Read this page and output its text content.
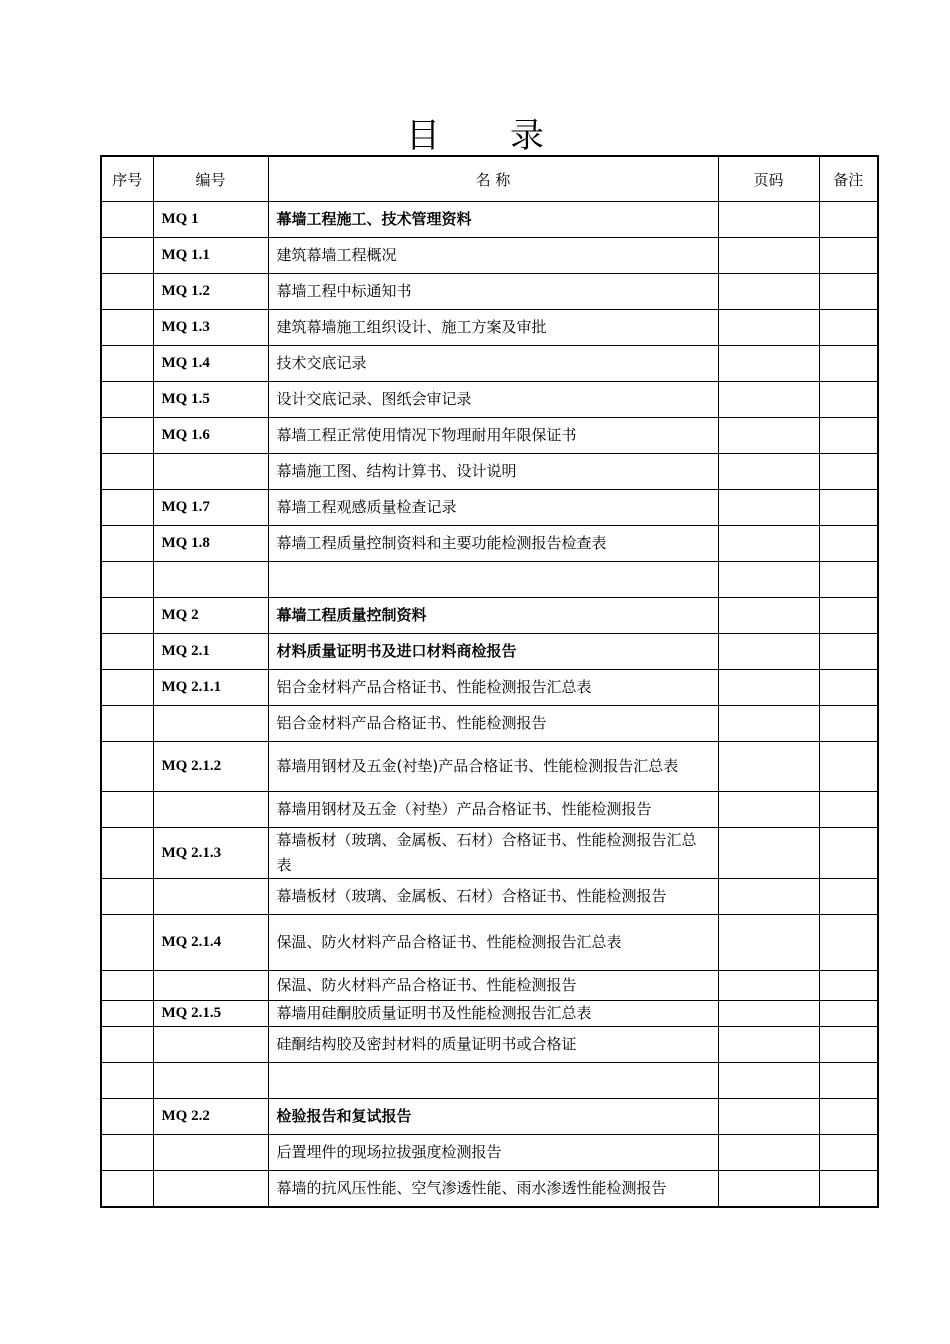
目 录
序号	编号	名 称	页码	备注
	MQ 1	幕墙工程施工、技术管理资料		
	MQ 1.1	建筑幕墙工程概况		
	MQ 1.2	幕墙工程中标通知书		
	MQ 1.3	建筑幕墙施工组织设计、施工方案及审批		
	MQ 1.4	技术交底记录		
	MQ 1.5	设计交底记录、图纸会审记录		
	MQ 1.6	幕墙工程正常使用情况下物理耐用年限保证书		
		幕墙施工图、结构计算书、设计说明		
	MQ 1.7	幕墙工程观感质量检查记录		
	MQ 1.8	幕墙工程质量控制资料和主要功能检测报告检查表		

	MQ 2	幕墙工程质量控制资料		
	MQ 2.1	材料质量证明书及进口材料商检报告		
	MQ 2.1.1	铝合金材料产品合格证书、性能检测报告汇总表		
		铝合金材料产品合格证书、性能检测报告		
	MQ 2.1.2	幕墙用钢材及五金(衬垫)产品合格证书、性能检测报告汇总表		
		幕墙用钢材及五金（衬垫）产品合格证书、性能检测报告		
	MQ 2.1.3	幕墙板材（玻璃、金属板、石材）合格证书、性能检测报告汇总表		
		幕墙板材（玻璃、金属板、石材）合格证书、性能检测报告		
	MQ 2.1.4	保温、防火材料产品合格证书、性能检测报告汇总表		
		保温、防火材料产品合格证书、性能检测报告		
	MQ 2.1.5	幕墙用硅酮胶质量证明书及性能检测报告汇总表		
		硅酮结构胶及密封材料的质量证明书或合格证		

	MQ 2.2	检验报告和复试报告		
		后置埋件的现场拉拔强度检测报告		
		幕墙的抗风压性能、空气渗透性能、雨水渗透性能检测报告		
